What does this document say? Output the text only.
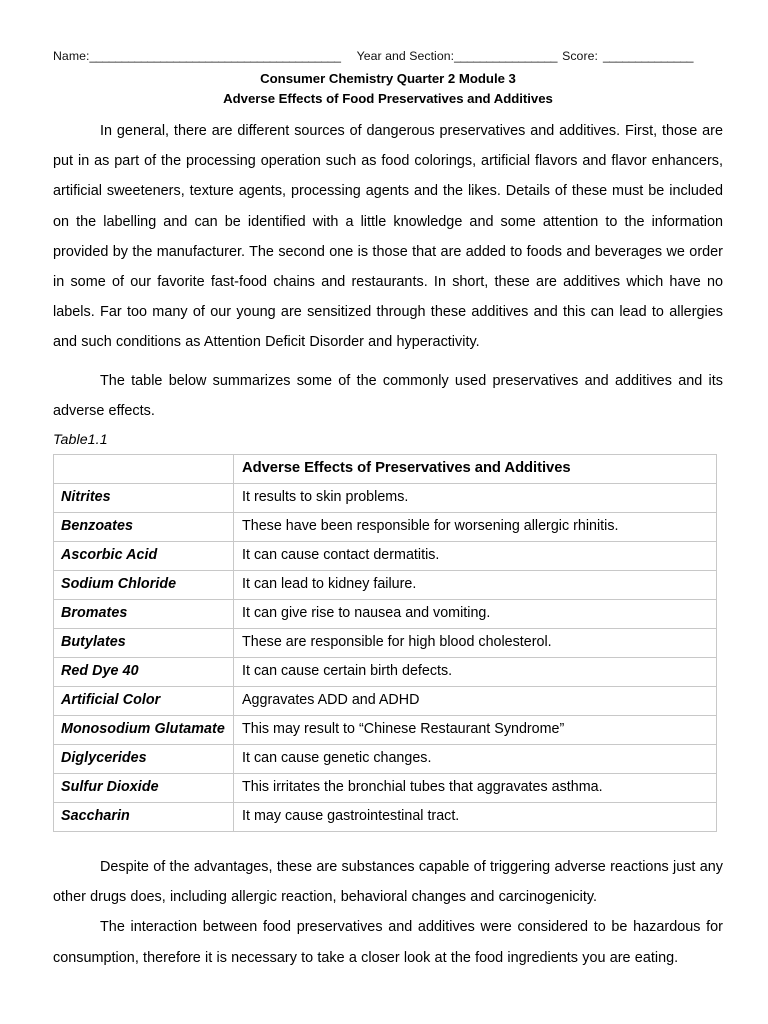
Name:_______________________________________ Year and Section:________________ Score: ______________
Consumer Chemistry Quarter 2 Module 3
Adverse Effects of Food Preservatives and Additives

In general, there are different sources of dangerous preservatives and additives. First, those are put in as part of the processing operation such as food colorings, artificial flavors and flavor enhancers, artificial sweeteners, texture agents, processing agents and the likes. Details of these must be included on the labelling and can be identified with a little knowledge and some attention to the information provided by the manufacturer. The second one is those that are added to foods and beverages we order in some of our favorite fast-food chains and restaurants. In short, these are additives which have no labels. Far too many of our young are sensitized through these additives and this can lead to allergies and such conditions as Attention Deficit Disorder and hyperactivity.

The table below summarizes some of the commonly used preservatives and additives and its adverse effects.

Table1.1
	Adverse Effects of Preservatives and Additives
Nitrites	It results to skin problems.
Benzoates	These have been responsible for worsening allergic rhinitis.
Ascorbic Acid	It can cause contact dermatitis.
Sodium Chloride	It can lead to kidney failure.
Bromates	It can give rise to nausea and vomiting.
Butylates	These are responsible for high blood cholesterol.
Red Dye 40	It can cause certain birth defects.
Artificial Color	Aggravates ADD and ADHD
Monosodium Glutamate	This may result to “Chinese Restaurant Syndrome”
Diglycerides	It can cause genetic changes.
Sulfur Dioxide	This irritates the bronchial tubes that aggravates asthma.
Saccharin	It may cause gastrointestinal tract.

Despite of the advantages, these are substances capable of triggering adverse reactions just any other drugs does, including allergic reaction, behavioral changes and carcinogenicity.

The interaction between food preservatives and additives were considered to be hazardous for consumption, therefore it is necessary to take a closer look at the food ingredients you are eating.
